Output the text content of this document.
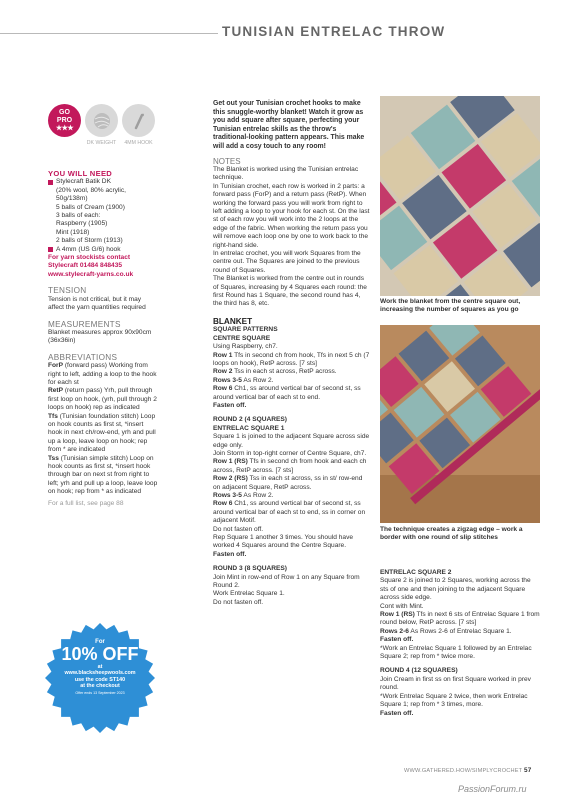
TUNISIAN ENTRELAC THROW
GO
PRO
★★★
DK WEIGHT	4MM HOOK
YOU WILL NEED
Stylecraft Batik DK
(20% wool, 80% acrylic,
50g/138m)
5 balls of Cream (1900)
3 balls of each:
Raspberry (1905)
Mint (1918)
2 balls of Storm (1913)
A 4mm (US G/6) hook
For yarn stockists contact
Stylecraft 01484 848435
www.stylecraft-yarns.co.uk
TENSION
Tension is not critical, but it may affect the yarn quantities required
MEASUREMENTS
Blanket measures approx 90x90cm (36x36in)
ABBREVIATIONS
ForP (forward pass) Working from right to left, adding a loop to the hook for each st
RetP (return pass) Yrh, pull through first loop on hook, (yrh, pull through 2 loops on hook) rep as indicated
Tfs (Tunisian foundation stitch) Loop on hook counts as first st, *insert hook in next ch/row-end, yrh and pull up a loop, leave loop on hook; rep from * are indicated
Tss (Tunisian simple stitch) Loop on hook counts as first st, *insert hook through bar on next st from right to left; yrh and pull up a loop, leave loop on hook; rep from * as indicated
For a full list, see page 88
For
10% OFF
at
www.blacksheepwools.com
use the code ST140
at the checkout
Offer ends 13 September 2023
Get out your Tunisian crochet hooks to make this snuggle-worthy blanket! Watch it grow as you add square after square, perfecting your Tunisian entrelac skills as the throw's traditional-looking pattern appears. This make will add a cosy touch to any room!
NOTES
The Blanket is worked using the Tunisian entrelac technique.
In Tunisian crochet, each row is worked in 2 parts: a forward pass (ForP) and a return pass (RetP). When working the forward pass you will work from right to left adding a loop to your hook for each st. On the last st of each row you will work into the 2 loops at the edge of the fabric. When working the return pass you will remove each loop one by one to work back to the right-hand side.
In entrelac crochet, you will work Squares from the centre out. The Squares are joined to the previous round of Squares.
The Blanket is worked from the centre out in rounds of Squares, increasing by 4 Squares each round: the first Round has 1 Square, the second round has 4, the third has 8, etc.
BLANKET
SQUARE PATTERNS
CENTRE SQUARE
Using Raspberry, ch7.
Row 1 Tfs in second ch from hook, Tfs in next 5 ch (7 loops on hook), RetP across. [7 sts]
Row 2 Tss in each st across, RetP across.
Rows 3-5 As Row 2.
Row 6 Ch1, ss around vertical bar of second st, ss around vertical bar of each st to end.
Fasten off.
ROUND 2 (4 SQUARES)
ENTRELAC SQUARE 1
Square 1 is joined to the adjacent Square across side edge only.
Join Storm in top-right corner of Centre Square, ch7.
Row 1 (RS) Tfs in second ch from hook and each ch across, RetP across. [7 sts]
Row 2 (RS) Tss in each st across, ss in st/ row-end on adjacent Square, RetP across.
Rows 3-5 As Row 2.
Row 6 Ch1, ss around vertical bar of second st, ss around vertical bar of each st to end, ss in corner on adjacent Motif.
Do not fasten off.
Rep Square 1 another 3 times. You should have worked 4 Squares around the Centre Square.
Fasten off.
ROUND 3 (8 SQUARES)
Join Mint in row-end of Row 1 on any Square from Round 2.
Work Entrelac Square 1.
Do not fasten off.
Work the blanket from the centre square out, increasing the number of squares as you go
The technique creates a zigzag edge – work a border with one round of slip stitches
ENTRELAC SQUARE 2
Square 2 is joined to 2 Squares, working across the sts of one and then joining to the adjacent Square across side edge.
Cont with Mint.
Row 1 (RS) Tfs in next 6 sts of Entrelac Square 1 from round below, RetP across. [7 sts]
Rows 2-6 As Rows 2-6 of Entrelac Square 1.
Fasten off.
*Work an Entrelac Square 1 followed by an Entrelac Square 2; rep from * twice more.
ROUND 4 (12 SQUARES)
Join Cream in first ss on first Square worked in prev round.
*Work Entrelac Square 2 twice, then work Entrelac Square 1; rep from * 3 times, more.
Fasten off.
WWW.GATHERED.HOW/SIMPLYCROCHET 57
PassionForum.ru
